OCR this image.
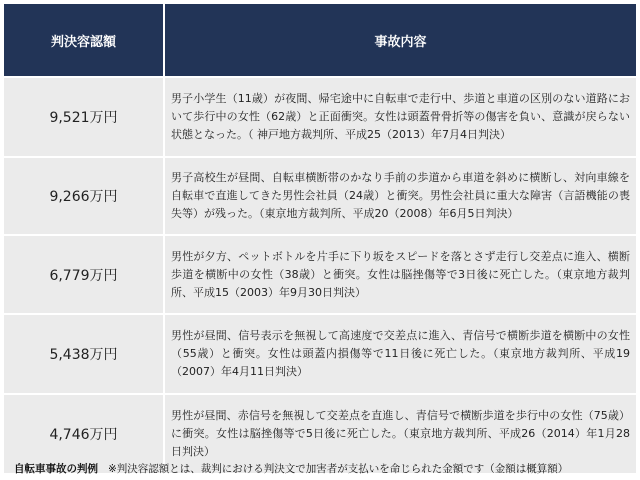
判決容認額	事故内容
9,521万円	男子小学生（11歳）が夜間、帰宅途中に自転車で走行中、歩道と車道の区別のない道路において歩行中の女性（62歳）と正面衝突。女性は頭蓋骨骨折等の傷害を負い、意識が戻らない状態となった。（ 神戸地方裁判所、平成25（2013）年7月4日判決）
9,266万円	男子高校生が昼間、自転車横断帯のかなり手前の歩道から車道を斜めに横断し、対向車線を自転車で直進してきた男性会社員（24歳）と衝突。男性会社員に重大な障害（言語機能の喪失等）が残った。（東京地方裁判所、平成20（2008）年6月5日判決）
6,779万円	男性が夕方、ペットボトルを片手に下り坂をスピードを落とさず走行し交差点に進入、横断歩道を横断中の女性（38歳）と衝突。女性は脳挫傷等で3日後に死亡した。（東京地方裁判所、平成15（2003）年9月30日判決）
5,438万円	男性が昼間、信号表示を無視して高速度で交差点に進入、青信号で横断歩道を横断中の女性（55歳）と衝突。女性は頭蓋内損傷等で11日後に死亡した。（東京地方裁判所、平成19（2007）年4月11日判決）
4,746万円	男性が昼間、赤信号を無視して交差点を直進し、青信号で横断歩道を歩行中の女性（75歳）に衝突。女性は脳挫傷等で5日後に死亡した。（東京地方裁判所、平成26（2014）年1月28日判決）
自転車事故の判例 ※判決容認額とは、裁判における判決文で加害者が支払いを命じられた金額です（金額は概算額）
